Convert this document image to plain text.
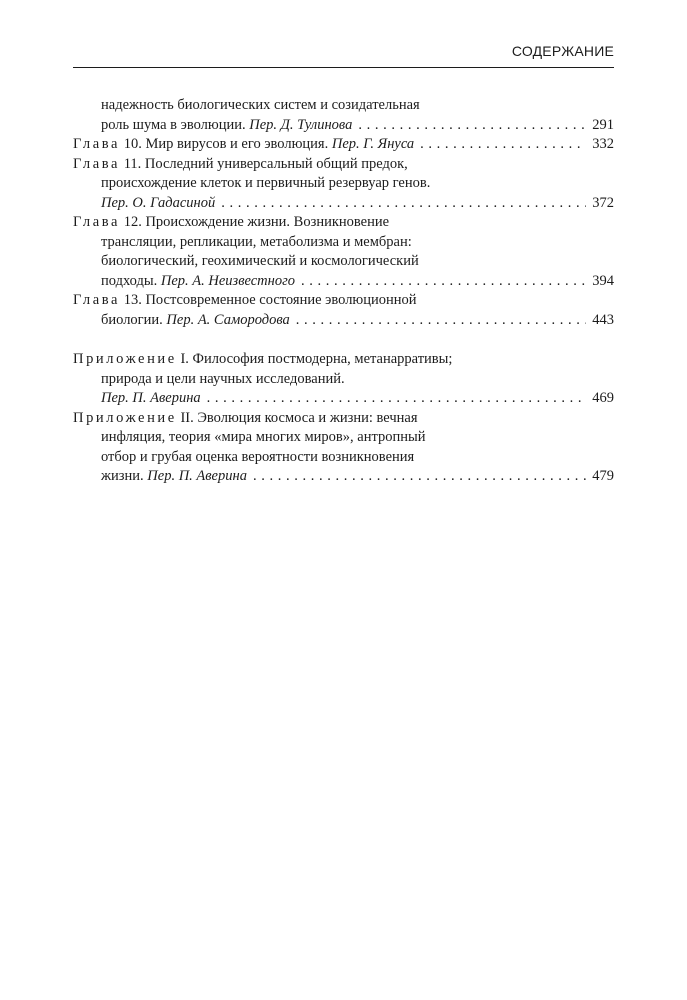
СОДЕРЖАНИЕ
надежность биологических систем и созидательная
роль шума в эволюции. Пер. Д. Тулинова . . .	291
Глава 10. Мир вирусов и его эволюция. Пер. Г. Януса . . .	332
Глава 11. Последний универсальный общий предок,
происхождение клеток и первичный резервуар генов.
Пер. О. Гадасиной . . .	372
Глава 12. Происхождение жизни. Возникновение
трансляции, репликации, метаболизма и мембран:
биологический, геохимический и космологический
подходы. Пер. А. Неизвестного . . .	394
Глава 13. Постсовременное состояние эволюционной
биологии. Пер. А. Самородова . . .	443
Приложение I. Философия постмодерна, метанарративы;
природа и цели научных исследований.
Пер. П. Аверина . . .	469
Приложение II. Эволюция космоса и жизни: вечная
инфляция, теория «мира многих миров», антропный
отбор и грубая оценка вероятности возникновения
жизни. Пер. П. Аверина . . .	479
